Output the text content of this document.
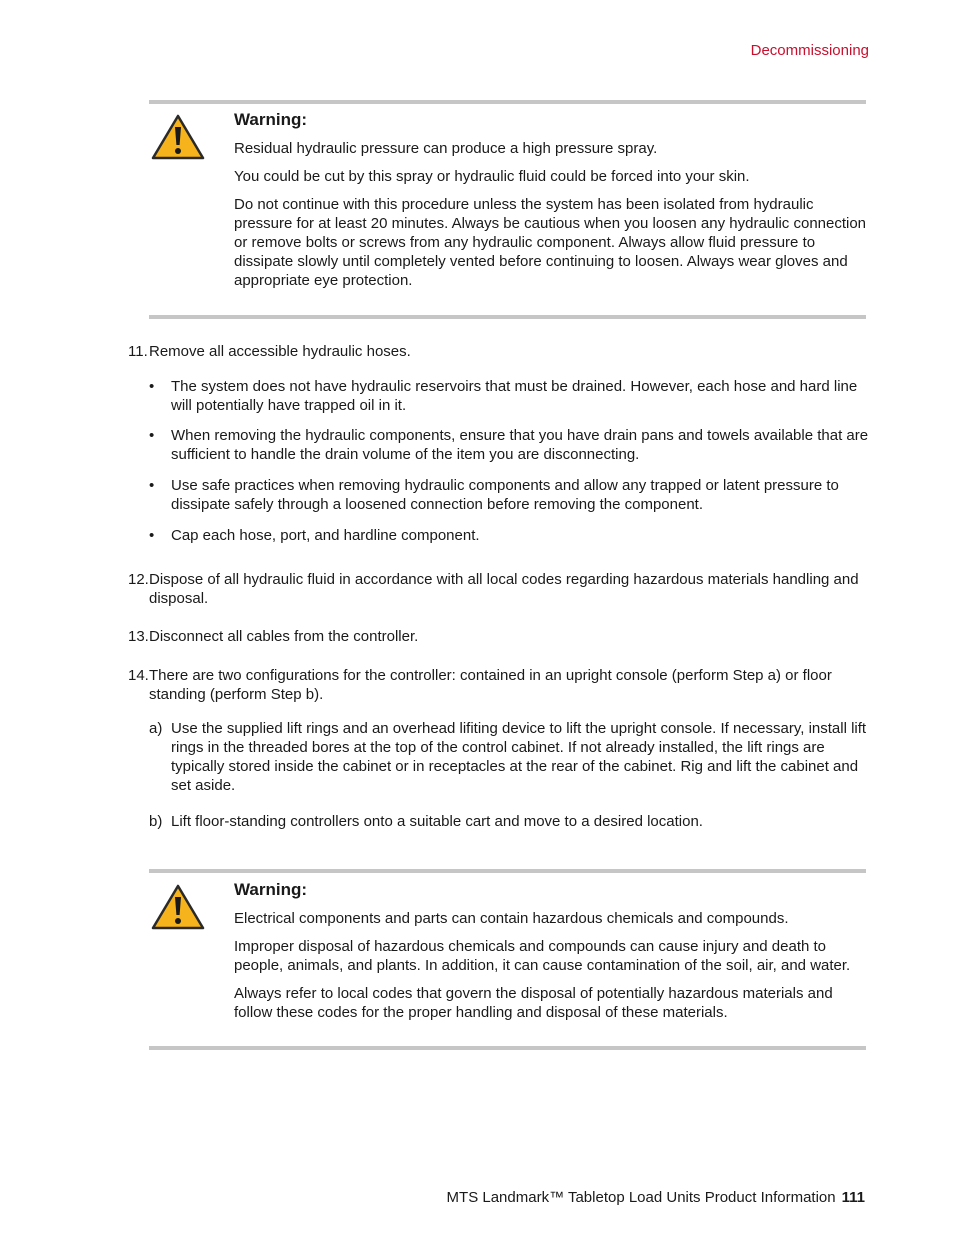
Decommissioning

Warning:

Residual hydraulic pressure can produce a high pressure spray.

You could be cut by this spray or hydraulic fluid could be forced into your skin.

Do not continue with this procedure unless the system has been isolated from hydraulic pressure for at least 20 minutes. Always be cautious when you loosen any hydraulic connection or remove bolts or screws from any hydraulic component. Always allow fluid pressure to dissipate slowly until completely vented before continuing to loosen. Always wear gloves and appropriate eye protection.

11. Remove all accessible hydraulic hoses.
• The system does not have hydraulic reservoirs that must be drained. However, each hose and hard line will potentially have trapped oil in it.
• When removing the hydraulic components, ensure that you have drain pans and towels available that are sufficient to handle the drain volume of the item you are disconnecting.
• Use safe practices when removing hydraulic components and allow any trapped or latent pressure to dissipate safely through a loosened connection before removing the component.
• Cap each hose, port, and hardline component.
12. Dispose of all hydraulic fluid in accordance with all local codes regarding hazardous materials handling and disposal.
13. Disconnect all cables from the controller.
14. There are two configurations for the controller: contained in an upright console (perform Step a) or floor standing (perform Step b).
a) Use the supplied lift rings and an overhead lifiting device to lift the upright console. If necessary, install lift rings in the threaded bores at the top of the control cabinet. If not already installed, the lift rings are typically stored inside the cabinet or in receptacles at the rear of the cabinet. Rig and lift the cabinet and set aside.
b) Lift floor-standing controllers onto a suitable cart and move to a desired location.

Warning:

Electrical components and parts can contain hazardous chemicals and compounds.

Improper disposal of hazardous chemicals and compounds can cause injury and death to people, animals, and plants. In addition, it can cause contamination of the soil, air, and water.

Always refer to local codes that govern the disposal of potentially hazardous materials and follow these codes for the proper handling and disposal of these materials.

MTS Landmark™ Tabletop Load Units Product Information 111
